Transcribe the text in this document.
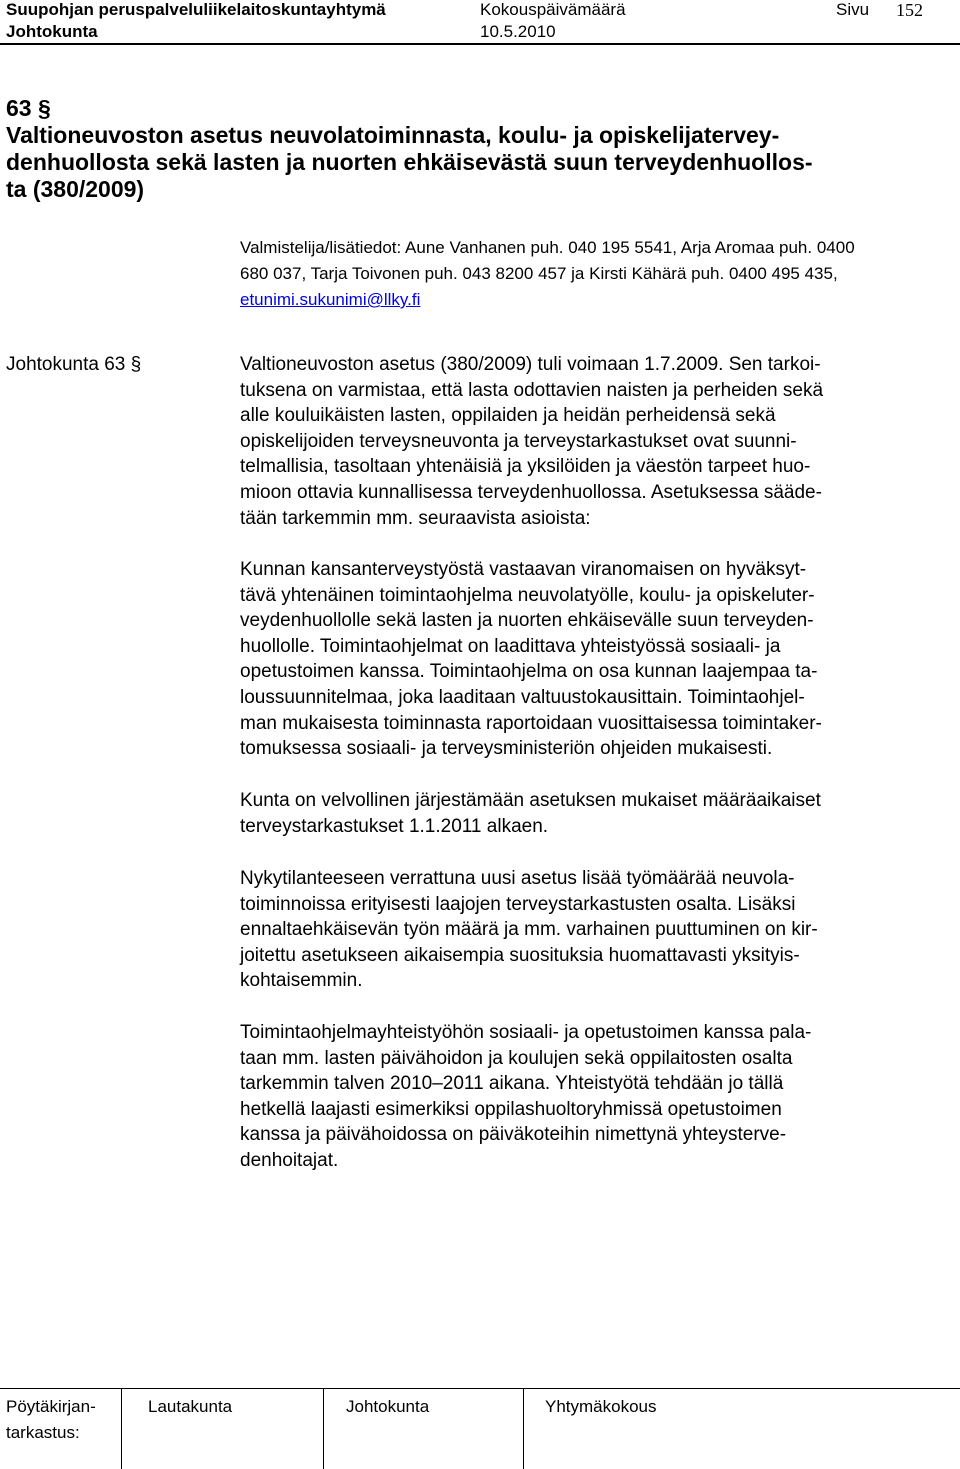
Suupohjan peruspalveluliikelaitoskuntayhtymä	Kokouspäivämäärä	Sivu 152
Johtokunta	10.5.2010
63 §
Valtioneuvoston asetus neuvolatoiminnasta, koulu- ja opiskelijatervey-
denhuollosta sekä lasten ja nuorten ehkäisevästä suun terveydenhuollos-
ta (380/2009)
Valmistelija/lisätiedot: Aune Vanhanen puh. 040 195 5541, Arja Aromaa puh. 0400
680 037, Tarja Toivonen puh. 043 8200 457 ja Kirsti Kähärä puh. 0400 495 435,
etunimi.sukunimi@llky.fi
Johtokunta 63 §	Valtioneuvoston asetus (380/2009) tuli voimaan 1.7.2009. Sen tarkoi-
tuksena on varmistaa, että lasta odottavien naisten ja perheiden sekä
alle kouluikäisten lasten, oppilaiden ja heidän perheidensä sekä
opiskelijoiden terveysneuvonta ja terveystarkastukset ovat suunni-
telmallisia, tasoltaan yhtenäisiä ja yksilöiden ja väestön tarpeet huo-
mioon ottavia kunnallisessa terveydenhuollossa. Asetuksessa sääde-
tään tarkemmin mm. seuraavista asioista:
Kunnan kansanterveystyöstä vastaavan viranomaisen on hyväksyt-
tävä yhtenäinen toimintaohjelma neuvolatyölle, koulu- ja opiskeluter-
veydenhuollolle sekä lasten ja nuorten ehkäisevälle suun terveyden-
huollolle. Toimintaohjelmat on laadittava yhteistyössä sosiaali- ja
opetustoimen kanssa. Toimintaohjelma on osa kunnan laajempaa ta-
loussuunnitelmaa, joka laaditaan valtuustokausittain. Toimintaohjel-
man mukaisesta toiminnasta raportoidaan vuosittaisessa toimintaker-
tomuksessa sosiaali- ja terveysministeriön ohjeiden mukaisesti.
Kunta on velvollinen järjestämään asetuksen mukaiset määräaikaiset
terveystarkastukset 1.1.2011 alkaen.
Nykytilanteeseen verrattuna uusi asetus lisää työmäärää neuvola-
toiminnoissa erityisesti laajojen terveystarkastusten osalta. Lisäksi
ennaltaehkäisevän työn määrä ja mm. varhainen puuttuminen on kir-
joitettu asetukseen aikaisempia suosituksia huomattavasti yksityis-
kohtaisemmin.
Toimintaohjelmayhteistyöhön sosiaali- ja opetustoimen kanssa pala-
taan mm. lasten päivähoidon ja koulujen sekä oppilaitosten osalta
tarkemmin talven 2010–2011 aikana. Yhteistyötä tehdään jo tällä
hetkellä laajasti esimerkiksi oppilashuoltoryhmissä opetustoimen
kanssa ja päivähoidossa on päiväkoteihin nimettynä yhteysterve-
denhoitajat.
Pöytäkirjan-
tarkastus:
Lautakunta	Johtokunta	Yhtymäkokous
